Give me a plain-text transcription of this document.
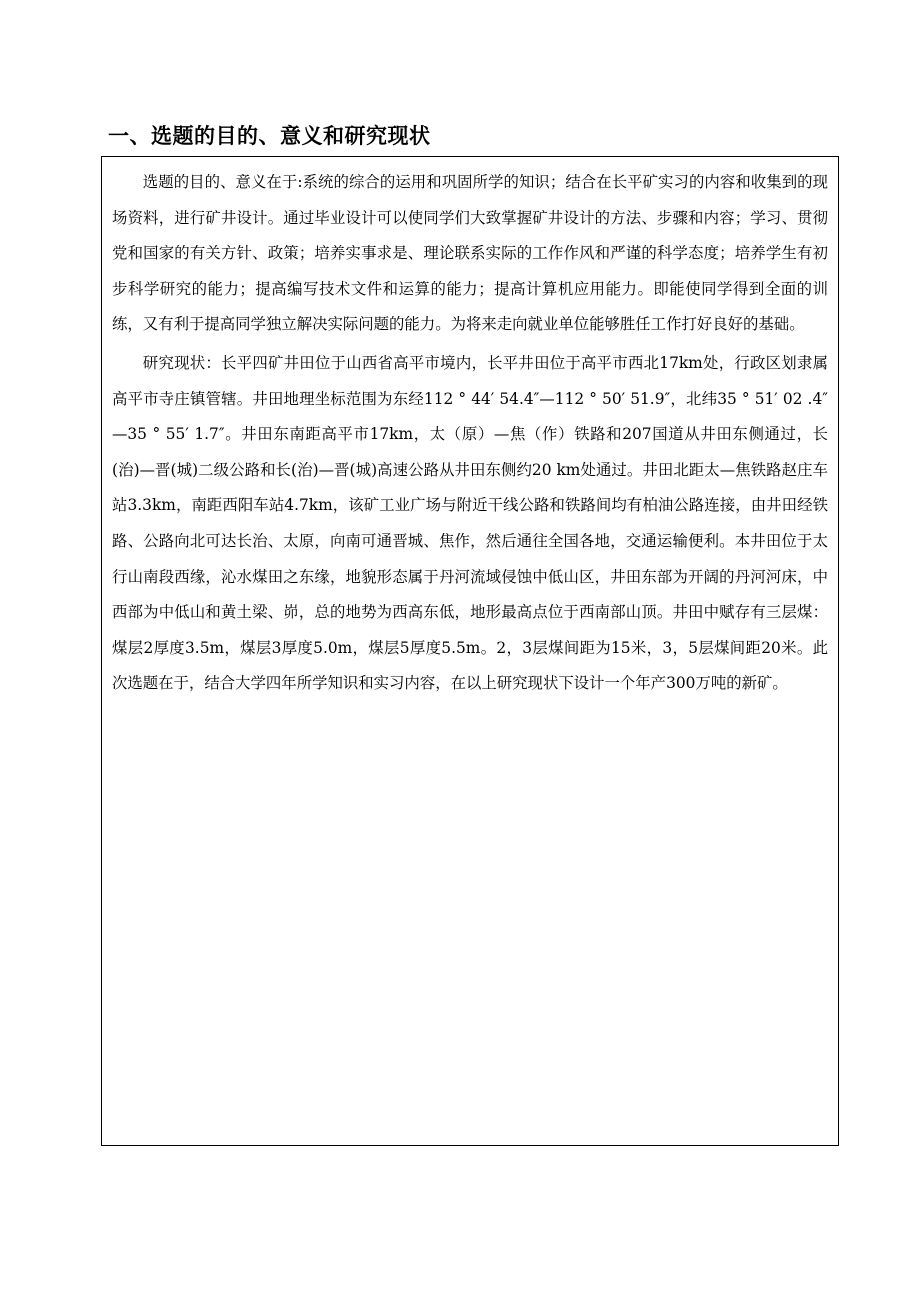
一、选题的目的、意义和研究现状

选题的目的、意义在于:系统的综合的运用和巩固所学的知识；结合在长平矿实习的内容和收集到的现场资料，进行矿井设计。通过毕业设计可以使同学们大致掌握矿井设计的方法、步骤和内容；学习、贯彻党和国家的有关方针、政策；培养实事求是、理论联系实际的工作作风和严谨的科学态度；培养学生有初步科学研究的能力；提高编写技术文件和运算的能力；提高计算机应用能力。即能使同学得到全面的训练，又有利于提高同学独立解决实际问题的能力。为将来走向就业单位能够胜任工作打好良好的基础。

研究现状：长平四矿井田位于山西省高平市境内，长平井田位于高平市西北17km处，行政区划隶属高平市寺庄镇管辖。井田地理坐标范围为东经112 ° 44′ 54.4″—112 ° 50′ 51.9″，北纬35 ° 51′ 02 .4″—35 ° 55′ 1.7″。井田东南距高平市17km，太（原）—焦（作）铁路和207国道从井田东侧通过，长(治)—晋(城)二级公路和长(治)—晋(城)高速公路从井田东侧约20 km处通过。井田北距太—焦铁路赵庄车站3.3km，南距西阳车站4.7km，该矿工业广场与附近干线公路和铁路间均有柏油公路连接，由井田经铁路、公路向北可达长治、太原，向南可通晋城、焦作，然后通往全国各地，交通运输便利。本井田位于太行山南段西缘，沁水煤田之东缘，地貌形态属于丹河流域侵蚀中低山区，井田东部为开阔的丹河河床，中西部为中低山和黄土梁、峁，总的地势为西高东低，地形最高点位于西南部山顶。井田中赋存有三层煤：煤层2厚度3.5m，煤层3厚度5.0m，煤层5厚度5.5m。2，3层煤间距为15米，3，5层煤间距20米。此次选题在于，结合大学四年所学知识和实习内容，在以上研究现状下设计一个年产300万吨的新矿。
